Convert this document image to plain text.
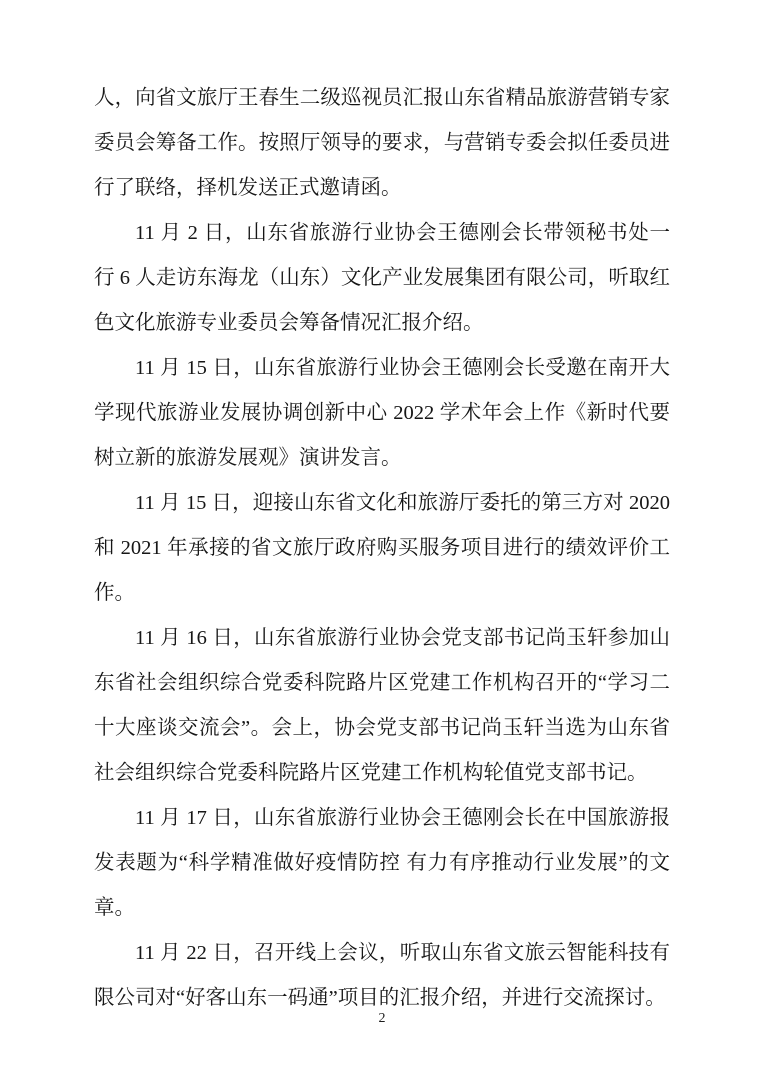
人，向省文旅厅王春生二级巡视员汇报山东省精品旅游营销专家委员会筹备工作。按照厅领导的要求，与营销专委会拟任委员进行了联络，择机发送正式邀请函。

11 月 2 日，山东省旅游行业协会王德刚会长带领秘书处一行 6 人走访东海龙（山东）文化产业发展集团有限公司，听取红色文化旅游专业委员会筹备情况汇报介绍。

11 月 15 日，山东省旅游行业协会王德刚会长受邀在南开大学现代旅游业发展协调创新中心 2022 学术年会上作《新时代要树立新的旅游发展观》演讲发言。

11 月 15 日，迎接山东省文化和旅游厅委托的第三方对 2020 和 2021 年承接的省文旅厅政府购买服务项目进行的绩效评价工作。

11 月 16 日，山东省旅游行业协会党支部书记尚玉轩参加山东省社会组织综合党委科院路片区党建工作机构召开的“学习二十大座谈交流会”。会上，协会党支部书记尚玉轩当选为山东省社会组织综合党委科院路片区党建工作机构轮值党支部书记。

11 月 17 日，山东省旅游行业协会王德刚会长在中国旅游报发表题为“科学精准做好疫情防控 有力有序推动行业发展”的文章。

11 月 22 日，召开线上会议，听取山东省文旅云智能科技有限公司对“好客山东一码通”项目的汇报介绍，并进行交流探讨。

2
